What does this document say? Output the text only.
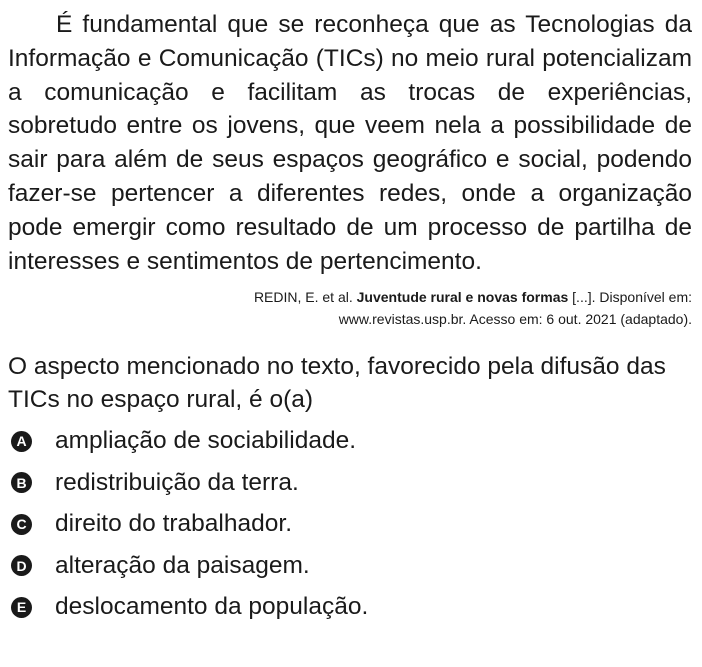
É fundamental que se reconheça que as Tecnologias da Informação e Comunicação (TICs) no meio rural potencializam a comunicação e facilitam as trocas de experiências, sobretudo entre os jovens, que veem nela a possibilidade de sair para além de seus espaços geográfico e social, podendo fazer-se pertencer a diferentes redes, onde a organização pode emergir como resultado de um processo de partilha de interesses e sentimentos de pertencimento.

REDIN, E. et al. Juventude rural e novas formas [...]. Disponível em:
www.revistas.usp.br. Acesso em: 6 out. 2021 (adaptado).

O aspecto mencionado no texto, favorecido pela difusão das TICs no espaço rural, é o(a)

A ampliação de sociabilidade.
B redistribuição da terra.
C direito do trabalhador.
D alteração da paisagem.
E deslocamento da população.
